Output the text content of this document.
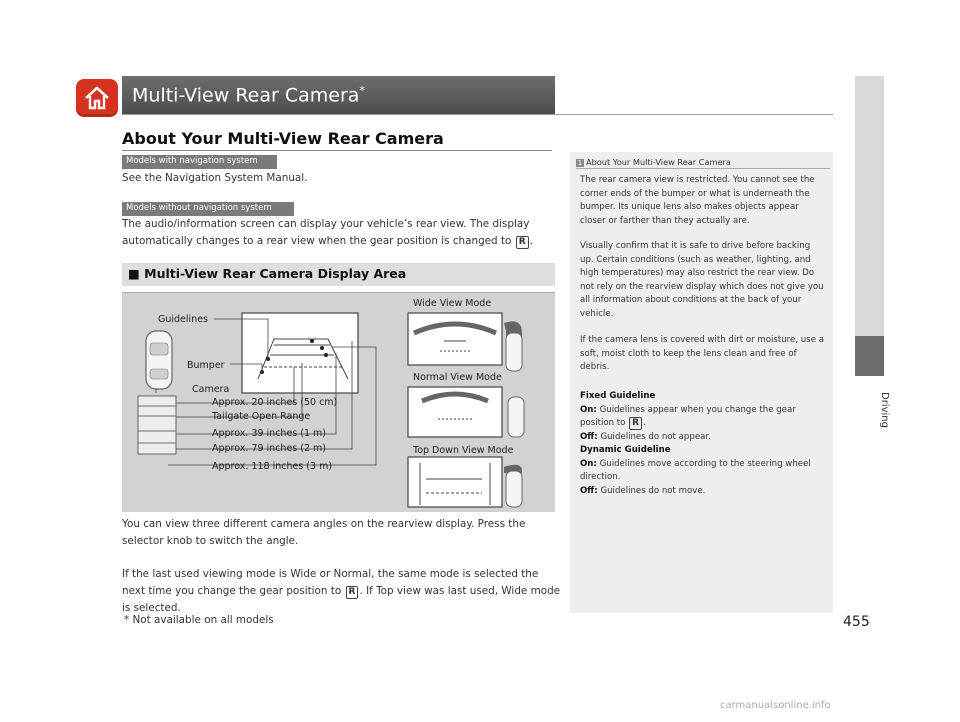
Multi-View Rear Camera*
Driving
About Your Multi-View Rear Camera
Models with navigation system
See the Navigation System Manual.
Models without navigation system
The audio/information screen can display your vehicle’s rear view. The display automatically changes to a rear view when the gear position is changed to R .
■ Multi-View Rear Camera Display Area
Guidelines
Bumper
Camera
Approx. 20 inches (50 cm)
Tailgate Open Range
Approx. 39 inches (1 m)
Approx. 79 inches (2 m)
Approx. 118 inches (3 m)
Wide View Mode
Normal View Mode
Top Down View Mode
You can view three different camera angles on the rearview display. Press the selector knob to switch the angle.
If the last used viewing mode is Wide or Normal, the same mode is selected the next time you change the gear position to R . If Top view was last used, Wide mode is selected.
1 About Your Multi-View Rear Camera
The rear camera view is restricted. You cannot see the corner ends of the bumper or what is underneath the bumper. Its unique lens also makes objects appear closer or farther than they actually are.
Visually confirm that it is safe to drive before backing up. Certain conditions (such as weather, lighting, and high temperatures) may also restrict the rear view. Do not rely on the rearview display which does not give you all information about conditions at the back of your vehicle.
If the camera lens is covered with dirt or moisture, use a soft, moist cloth to keep the lens clean and free of debris.
Fixed Guideline
On: Guidelines appear when you change the gear position to R .
Off: Guidelines do not appear.
Dynamic Guideline
On: Guidelines move according to the steering wheel direction.
Off: Guidelines do not move.
* Not available on all models	455
carmanualsonline.info
